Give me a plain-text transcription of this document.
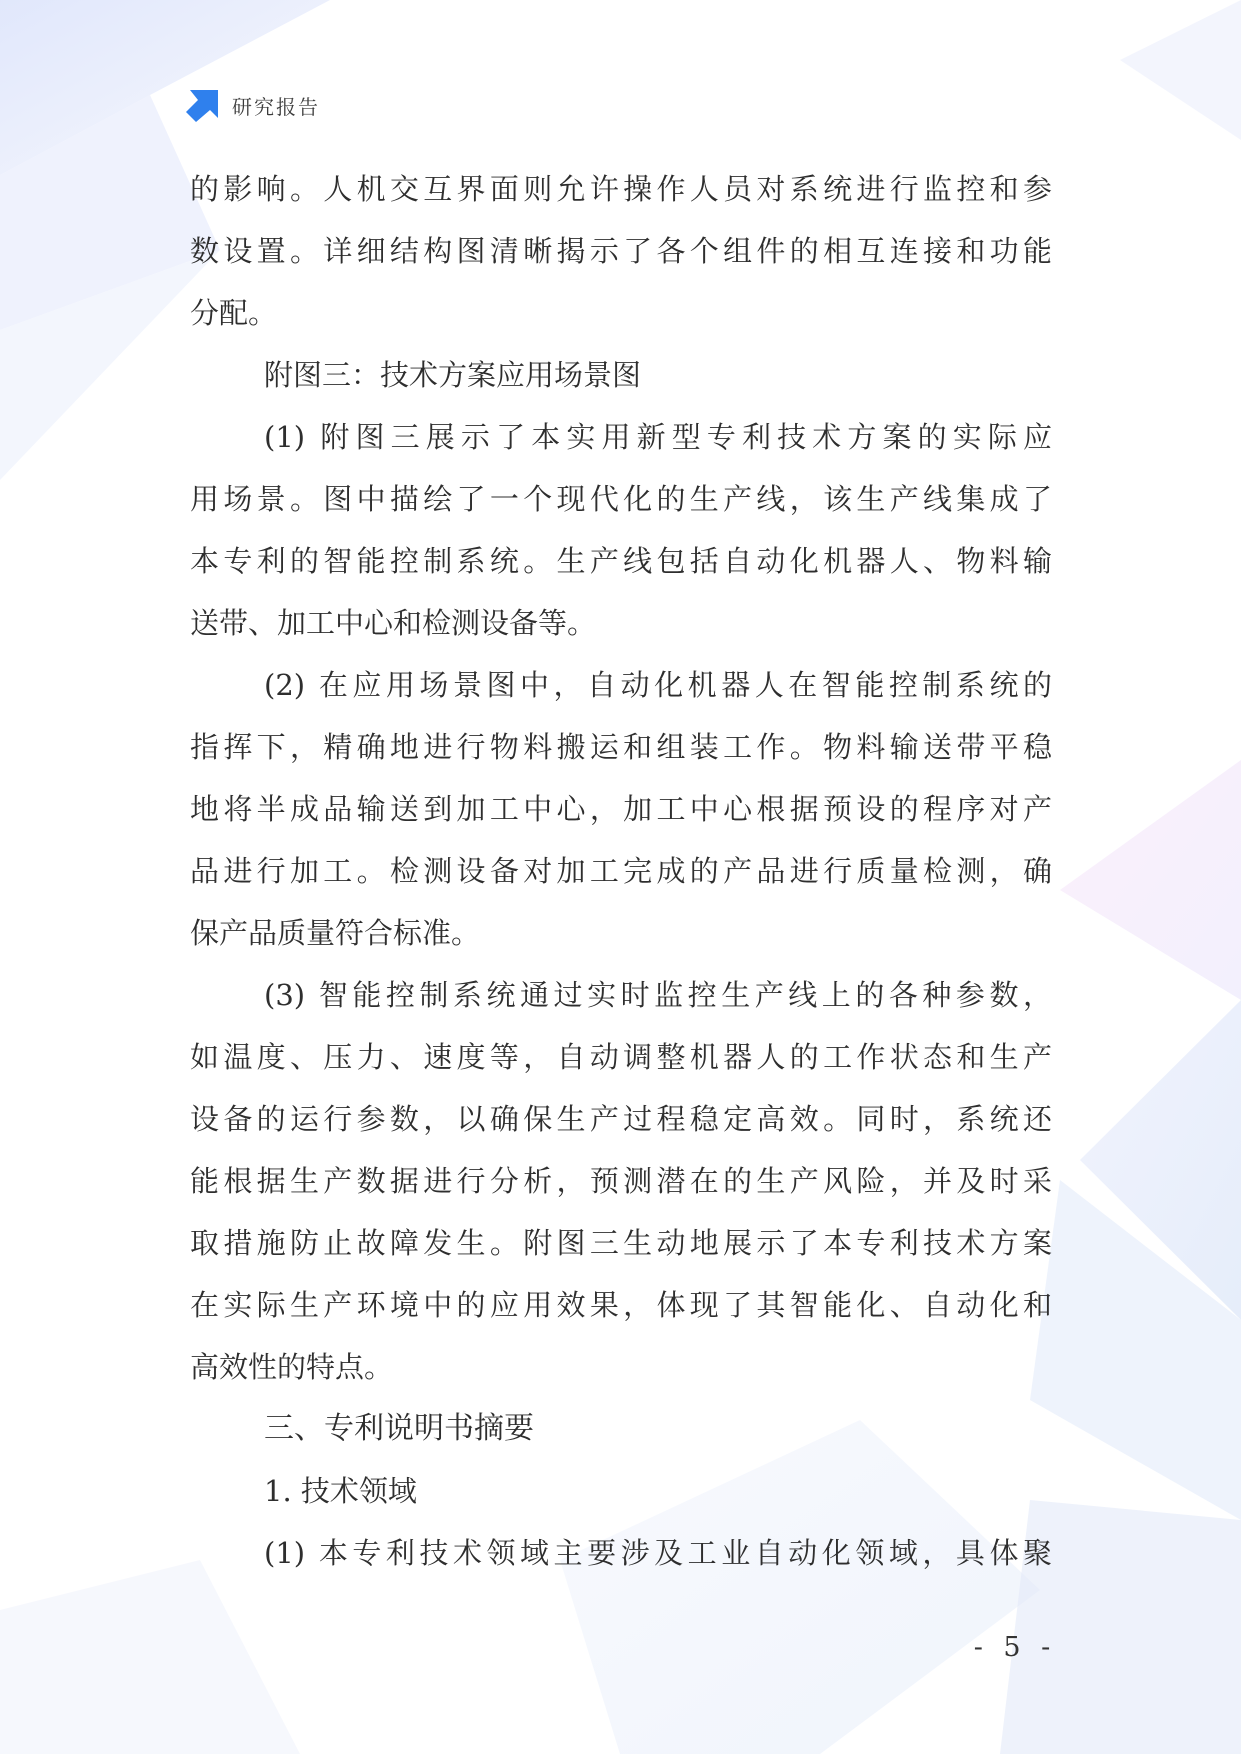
研究报告
的影响。人机交互界面则允许操作人员对系统进行监控和参
数设置。详细结构图清晰揭示了各个组件的相互连接和功能
分配。
附图三：技术方案应用场景图
(1) 附图三展示了本实用新型专利技术方案的实际应
用场景。图中描绘了一个现代化的生产线，该生产线集成了
本专利的智能控制系统。生产线包括自动化机器人、物料输
送带、加工中心和检测设备等。
(2) 在应用场景图中，自动化机器人在智能控制系统的
指挥下，精确地进行物料搬运和组装工作。物料输送带平稳
地将半成品输送到加工中心，加工中心根据预设的程序对产
品进行加工。检测设备对加工完成的产品进行质量检测，确
保产品质量符合标准。
(3) 智能控制系统通过实时监控生产线上的各种参数，
如温度、压力、速度等，自动调整机器人的工作状态和生产
设备的运行参数，以确保生产过程稳定高效。同时，系统还
能根据生产数据进行分析，预测潜在的生产风险，并及时采
取措施防止故障发生。附图三生动地展示了本专利技术方案
在实际生产环境中的应用效果，体现了其智能化、自动化和
高效性的特点。
三、专利说明书摘要
1. 技术领域
(1) 本专利技术领域主要涉及工业自动化领域，具体聚
- 5 -
